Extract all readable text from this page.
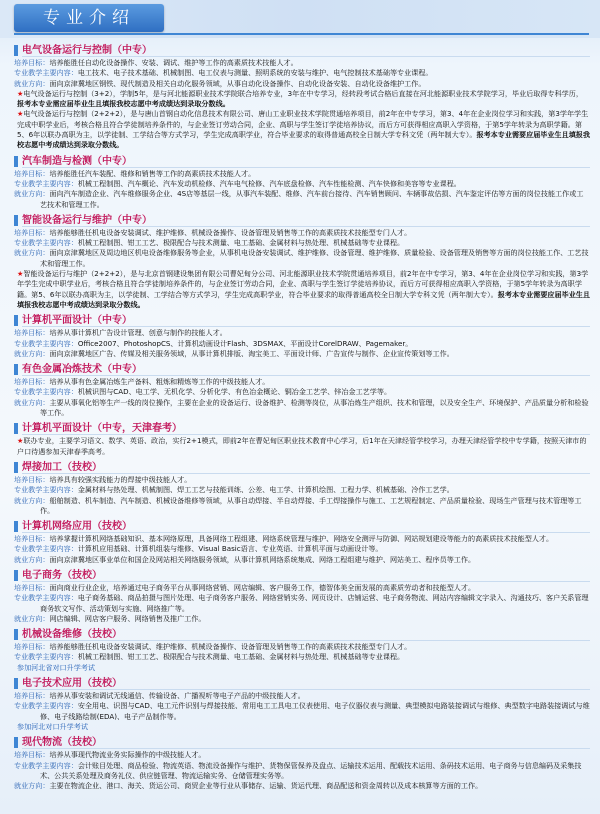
专业介绍
电气设备运行与控制（中专）

培养目标：培养能胜任自动化设备操作、安装、调试、维护等工作的高素质技术技能人才。

专业教学主要内容：电工技术、电子技术基础、机械制图、电工仪表与测量、照明系统的安装与维护、电气控制技术基础等专业课程。

就业方向：面向京津冀地区钢铁、现代制造及相关自动化服务领域，从事自动化设备操作、自动化设备安装、自动化设备维护工作。

★电气设备运行与控制（3+2），学制5年，是与河北能源职业技术学院联合培养专业，3年在中专学习，经转段考试合格后直接在河北能源职业技术学院学习，毕业后取得专科学历，报考本专业需应届毕业生且填报我校志愿中考成绩达到录取分数线。

★电气设备运行与控制（2+2+2），是与唐山首钢自动化信息技术有限公司、唐山工业职业技术学院贯通培养项目，前2年在中专学习，第3、4年在企业岗位学习和实践，第3学年学生完成中职学业后，考核合格且符合学徒制培养条件的，与企业签订劳动合同，企业、高职与学生签订学徒培养协议，而后方可获得相应高职入学资格，于第5学年转录为高职学籍。第5、6年以联办高职为主，以学徒制、工学结合等方式学习，学生完成高职学业，符合毕业要求的取得普通高校全日制大学专科文凭（两年制大专）。报考本专业需要应届毕业生且填报我校志愿中考成绩达到录取分数线。

汽车制造与检测（中专）

培养目标：培养能胜任汽车装配、维修和销售等工作的高素质技术技能人才。

专业教学主要内容：机械工程制图、汽车概论、汽车发动机检修、汽车电气检修、汽车底盘检修、汽车性能检测、汽车快修和美容等专业课程。

就业方向：面向汽车制造企业、汽车维修服务企业、4S店等基层一线，从事汽车装配、维修、汽车前台接待、汽车销售顾问、车辆事故估损、汽车鉴定评估等方面的岗位技能工作或工艺技术和管理工作。

智能设备运行与维护（中专）

培养目标：培养能够胜任机电设备安装调试、维护维修、机械设备操作、设备管理及销售等工作的高素质技术技能型专门人才。

专业教学主要内容：机械工程制图、钳工工艺、极限配合与技术测量、电工基础、金属材料与热处理、机械基础等专业课程。

就业方向：面向京津冀地区及周边地区机电设备维修服务等企业，从事机电设备安装调试、维护维修、设备管理、维护维修、质量检验、设备管理及销售等方面的岗位技能工作、工艺技术和管理工作。

★智能设备运行与维护（2+2+2），是与北京首钢建设集团有限公司曹妃甸分公司、河北能源职业技术学院贯通培养项目，前2年在中专学习，第3、4年在企业岗位学习和实践，第3学年学生完成中职学业后，考核合格且符合学徒制培养条件的，与企业签订劳动合同，企业、高职与学生签订学徒培养协议，而后方可获得相应高职入学资格，于第5学年转录为高职学籍。第5、6年以联办高职为主，以学徒制、工学结合等方式学习，学生完成高职学业，符合毕业要求的取得普通高校全日制大学专科文凭（两年制大专）。报考本专业需要应届毕业生且填报我校志愿中考成绩达到录取分数线。

计算机平面设计（中专）

培养目标：培养从事计算机广告设计管理、创意与制作的技能人才。

专业教学主要内容：Office2007、PhotoshopCS、计算机动画设计Flash、3DSMAX、平面设计CorelDRAW、Pagemaker。

就业方向：面向京津冀地区广告、传媒及相关服务领域，从事计算机排版、淘宝美工、平面设计师、广告宣传与制作、企业宣传策划等工作。

有色金属冶炼技术（中专）

培养目标：培养从事有色金属冶炼生产备料、粗炼和精炼等工作的中级技能人才。

专业教学主要内容：机械识图与CAD、电工学、无机化学、分析化学、有色冶金概论、铜冶金工艺学、锌冶金工艺学等。

就业方向：主要从事氧化铝等生产一线的岗位操作，主要在企业的设备运行、设备维护、检测等岗位，从事冶炼生产组织、技术和管理，以及安全生产、环境保护、产品质量分析和检验等工作。

计算机平面设计（中专，天津春考）

★联办专业，主要学习语文、数学、英语、政治，实行2+1模式，即前2年在曹妃甸区职业技术教育中心学习，后1年在天津经管学校学习，办理天津经管学校中专学籍，按照天津市的户口待遇参加天津春季高考。

焊接加工（技校）

培养目标：培养具有较强实践能力的焊接中级技能人才。

专业教学主要内容：金属材料与热处理、机械制图、焊工工艺与技能训练、公差、电工学、计算机绘图、工程力学、机械基础、冷作工艺学。

就业方向：船舶制造、机车制造、汽车制造、机械设备维修等领域，从事自动焊接、半自动焊接、手工焊接操作与施工、工艺规程制定、产品质量检验、现场生产管理与技术管理等工作。

计算机网络应用（技校）

培养目标：培养掌握计算机网络基础知识、基本网络原理，具备网络工程组建、网络系统管理与维护、网络安全测评与防御、网站规划建设等能力的高素质技术技能型人才。

专业教学主要内容：计算机应用基础、计算机组装与维修、Visual Basic语言、专业英语、计算机平面与动画设计等。

就业方向：面向京津冀地区事业单位和国企及网站相关网络服务领域，从事计算机网络系统集成、网络工程组建与维护、网站美工、程序员等工作。

电子商务（技校）

培养目标：面向商业行业企业，培养通过电子商务平台从事网络营销、网店编辑、客户服务工作，德智体美全面发展的高素质劳动者和技能型人才。

专业教学主要内容：电子商务基础、商品拍摄与图片处理、电子商务客户服务、网络营销实务、网页设计、店铺运营、电子商务物流、网站内容编辑文字录入、沟通技巧、客户关系管理商务软文写作、活动策划与实施、网络推广等。

就业方向：网店编辑、网店客户服务、网络销售及推广工作。

机械设备维修（技校）

培养目标：培养能够胜任机电设备安装调试、维护维修、机械设备操作、设备管理及销售等工作的高素质技术技能型专门人才。

专业教学主要内容：机械工程制图、钳工工艺、极限配合与技术测量、电工基础、金属材料与热处理、机械基础等专业课程。

参加河北省对口升学考试

电子技术应用（技校）

培养目标：培养从事安装和调试无线通信、传输设备、广播视听等电子产品的中级技能人才。

专业教学主要内容：安全用电、识图与CAD、电工元件识别与焊接技能、常用电工工具电工仪表使用、电子仪器仪表与测量、典型模拟电路装接调试与维修、典型数字电路装接调试与维修、电子线路绘制(EDA)、电子产品制作等。

参加河北对口升学考试

现代物流（技校）

培养目标：培养从事现代物流业务实际操作的中级技能人才。

专业教学主要内容：会计账目处理、商品检验、物流英语、物流设备操作与维护、货物保管保养及盘点、运输技术运用、配载技术运用、条码技术运用、电子商务与信息编码及采集技术、公共关系处理及商务礼仪、供应链管理、物流运输实务、仓储管理实务等。

就业方向：主要在物流企业、港口、海关、货运公司、商贸企业等行业从事储存、运输、货运代理、商品配送和资金周转以及成本核算等方面的工作。
